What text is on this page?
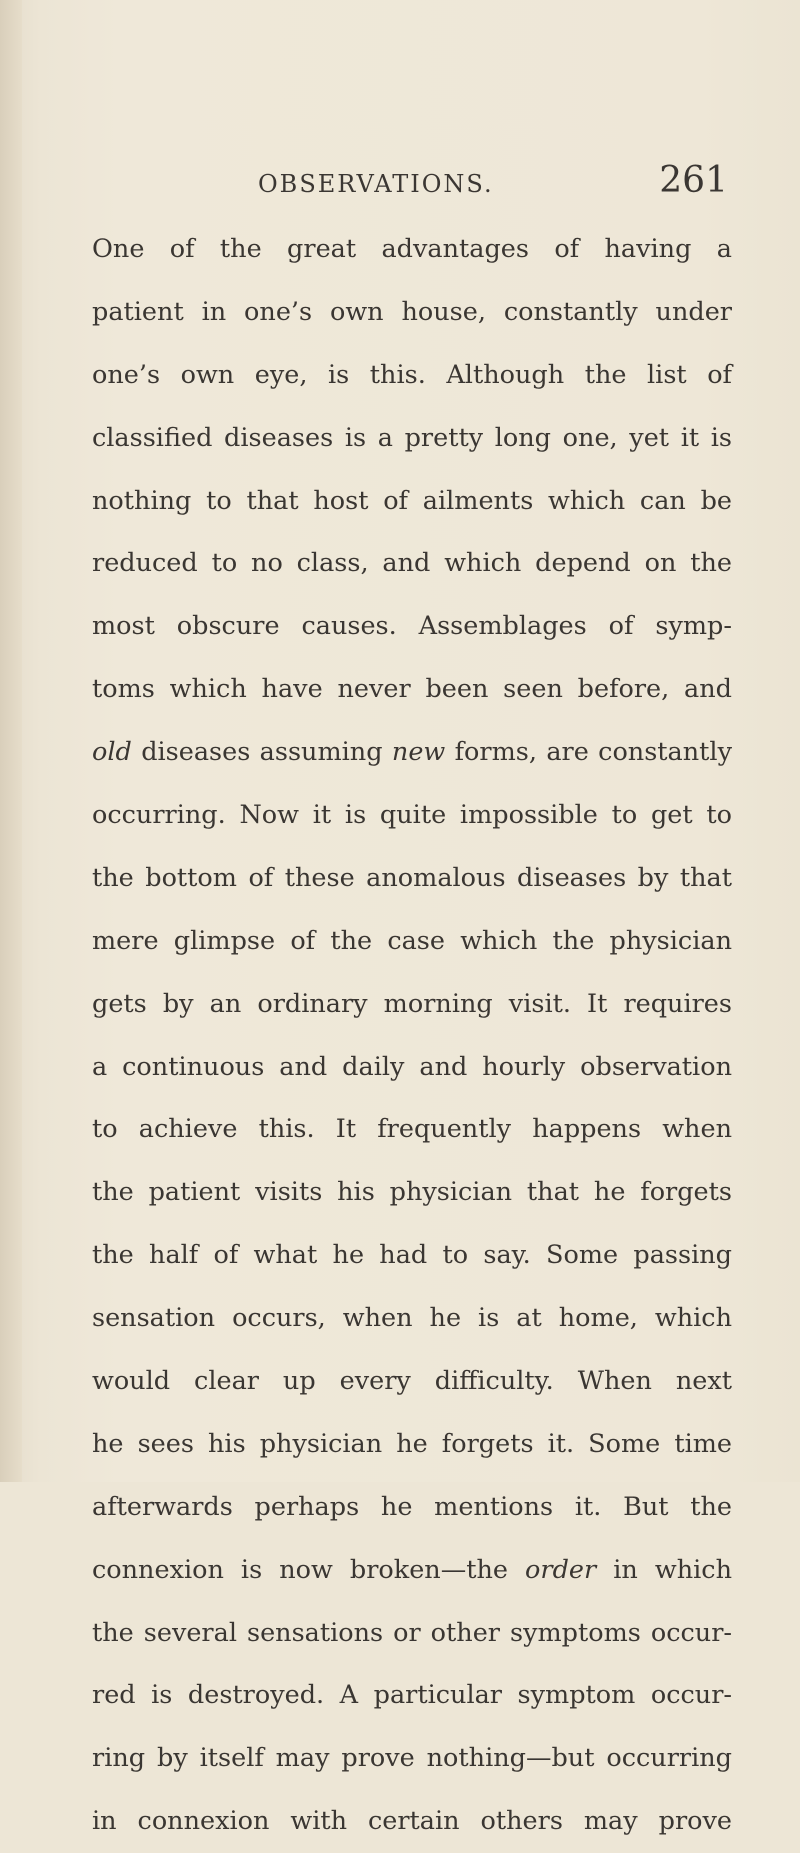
OBSERVATIONS.	261
One of the great advantages of having a
patient in one’s own house, constantly under
one’s own eye, is this. Although the list of
classified diseases is a pretty long one, yet it is
nothing to that host of ailments which can be
reduced to no class, and which depend on the
most obscure causes. Assemblages of symp-
toms which have never been seen before, and
old diseases assuming new forms, are constantly
occurring. Now it is quite impossible to get to
the bottom of these anomalous diseases by that
mere glimpse of the case which the physician
gets by an ordinary morning visit. It requires
a continuous and daily and hourly observation
to achieve this. It frequently happens when
the patient visits his physician that he forgets
the half of what he had to say. Some passing
sensation occurs, when he is at home, which
would clear up every difficulty. When next
he sees his physician he forgets it. Some time
afterwards perhaps he mentions it. But the
connexion is now broken—the order in which
the several sensations or other symptoms occur-
red is destroyed. A particular symptom occur-
ring by itself may prove nothing—but occurring
in connexion with certain others may prove
